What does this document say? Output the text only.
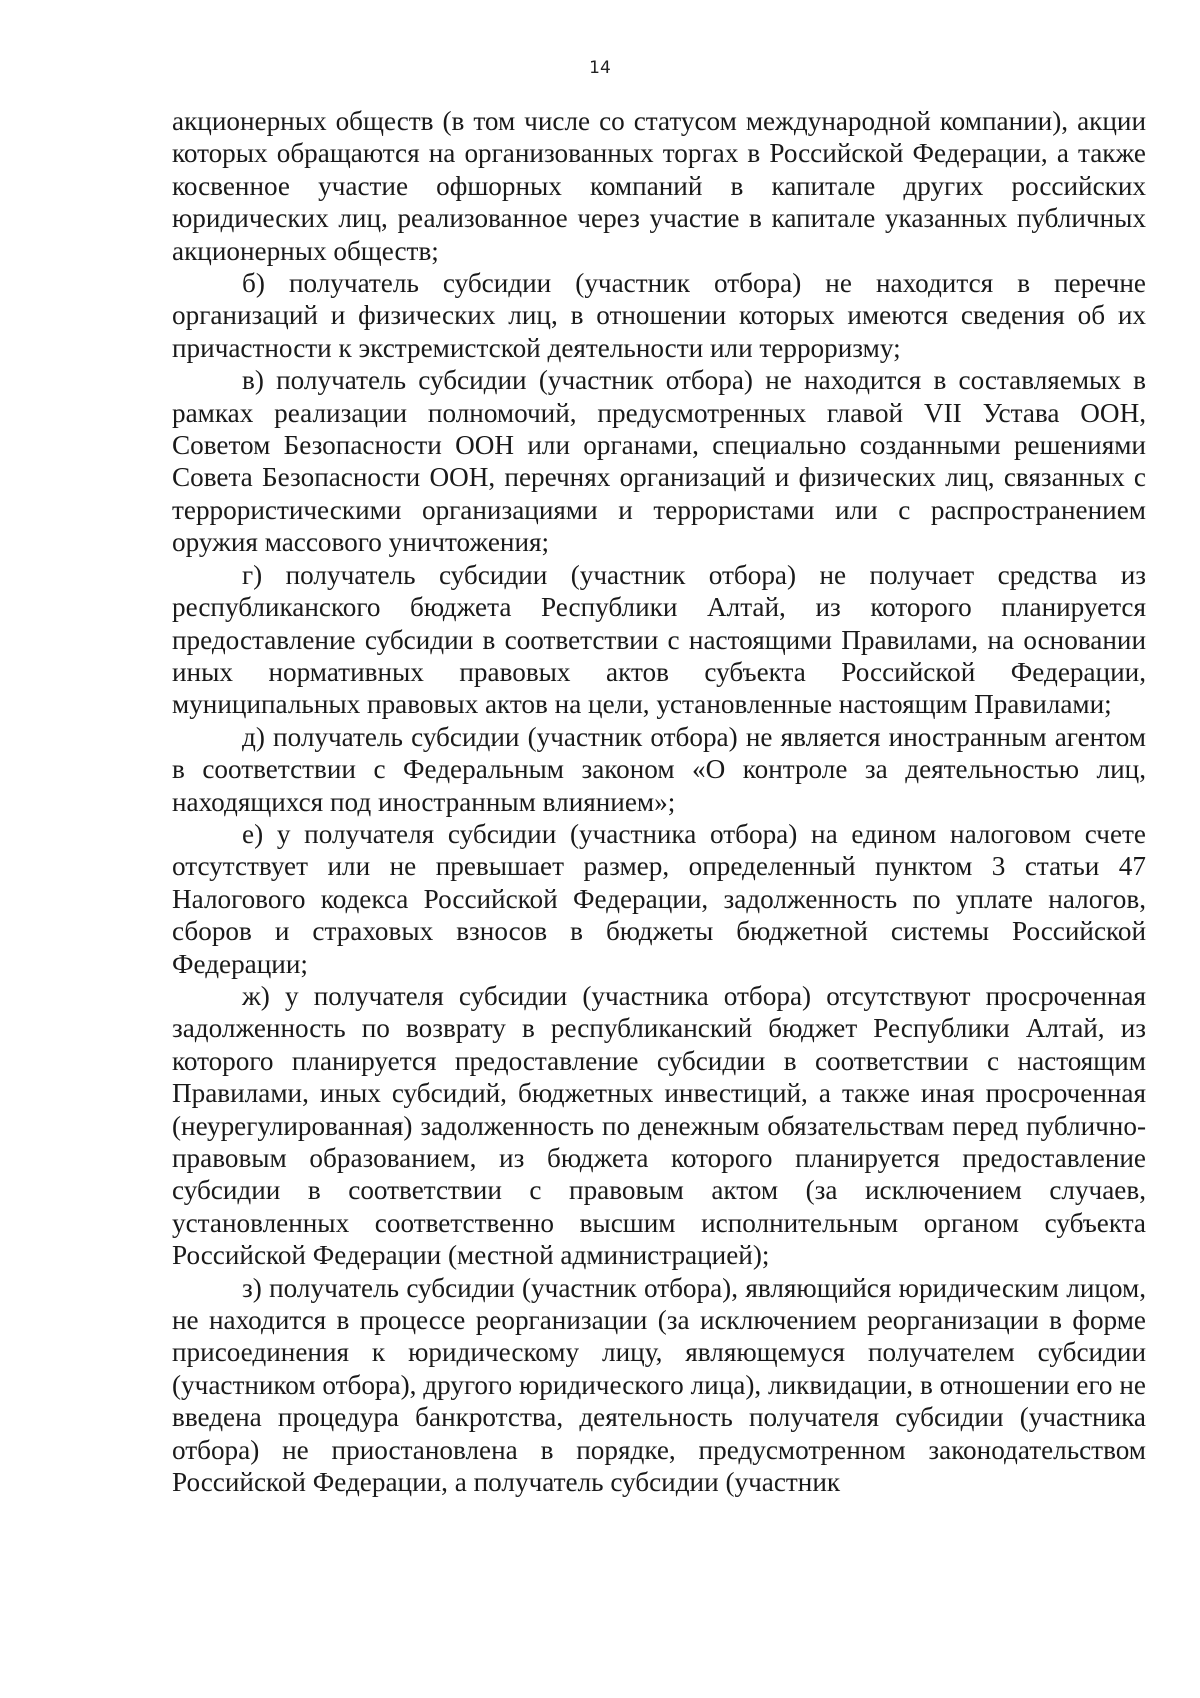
14

акционерных обществ (в том числе со статусом международной компании), акции которых обращаются на организованных торгах в Российской Федерации, а также косвенное участие офшорных компаний в капитале других российских юридических лиц, реализованное через участие в капитале указанных публичных акционерных обществ;

б) получатель субсидии (участник отбора) не находится в перечне организаций и физических лиц, в отношении которых имеются сведения об их причастности к экстремистской деятельности или терроризму;

в) получатель субсидии (участник отбора) не находится в составляемых в рамках реализации полномочий, предусмотренных главой VII Устава ООН, Советом Безопасности ООН или органами, специально созданными решениями Совета Безопасности ООН, перечнях организаций и физических лиц, связанных с террористическими организациями и террористами или с распространением оружия массового уничтожения;

г) получатель субсидии (участник отбора) не получает средства из республиканского бюджета Республики Алтай, из которого планируется предоставление субсидии в соответствии с настоящими Правилами, на основании иных нормативных правовых актов субъекта Российской Федерации, муниципальных правовых актов на цели, установленные настоящим Правилами;

д) получатель субсидии (участник отбора) не является иностранным агентом в соответствии с Федеральным законом «О контроле за деятельностью лиц, находящихся под иностранным влиянием»;

е) у получателя субсидии (участника отбора) на едином налоговом счете отсутствует или не превышает размер, определенный пунктом 3 статьи 47 Налогового кодекса Российской Федерации, задолженность по уплате налогов, сборов и страховых взносов в бюджеты бюджетной системы Российской Федерации;

ж) у получателя субсидии (участника отбора) отсутствуют просроченная задолженность по возврату в республиканский бюджет Республики Алтай, из которого планируется предоставление субсидии в соответствии с настоящим Правилами, иных субсидий, бюджетных инвестиций, а также иная просроченная (неурегулированная) задолженность по денежным обязательствам перед публично-правовым образованием, из бюджета которого планируется предоставление субсидии в соответствии с правовым актом (за исключением случаев, установленных соответственно высшим исполнительным органом субъекта Российской Федерации (местной администрацией);

з) получатель субсидии (участник отбора), являющийся юридическим лицом, не находится в процессе реорганизации (за исключением реорганизации в форме присоединения к юридическому лицу, являющемуся получателем субсидии (участником отбора), другого юридического лица), ликвидации, в отношении его не введена процедура банкротства, деятельность получателя субсидии (участника отбора) не приостановлена в порядке, предусмотренном законодательством Российской Федерации, а получатель субсидии (участник
